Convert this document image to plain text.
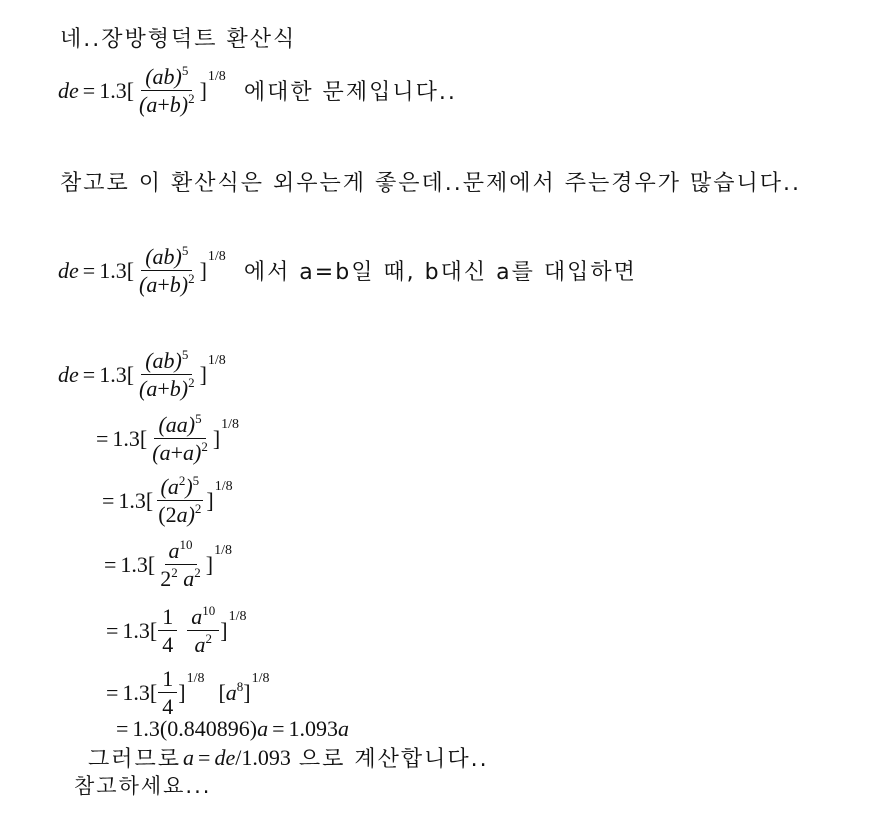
네..장방형덕트 환산식
de = 1.3 [ $\frac{(ab)^5}{(a+b)^2}$ ]
1/8
에대한 문제입니다..
참고로 이 환산식은 외우는게 좋은데..문제에서 주는경우가 많습니다..
de = 1.3 [ $\frac{(ab)^5}{(a+b)^2}$ ]
1/8
에서 a=b일 때, b대신 a를 대입하면
de = 1.3 [ $\frac{(ab)^5}{(a+b)^2}$ ]
1/8
= 1.3 [ $\frac{(aa)^5}{(a+a)^2}$ ]
1/8
= 1.3 [ $\frac{(a^2)^5}{(2a)^2}$ ]
1/8
= 1.3 [ $\frac{a^{10}}{2^2 a^2}$ ]
1/8
= 1.3 [ $\frac{1}{4} \frac{a^{10}}{a^2}$ ]
1/8
= 1.3 [ $\frac{1}{4}$ ]
1/8
$[a^8]$
1/8
= 1.3 (0.840896)a = 1.093 a
그러므로 a = de / 1.093 으로 계산합니다..
참고하세요...
